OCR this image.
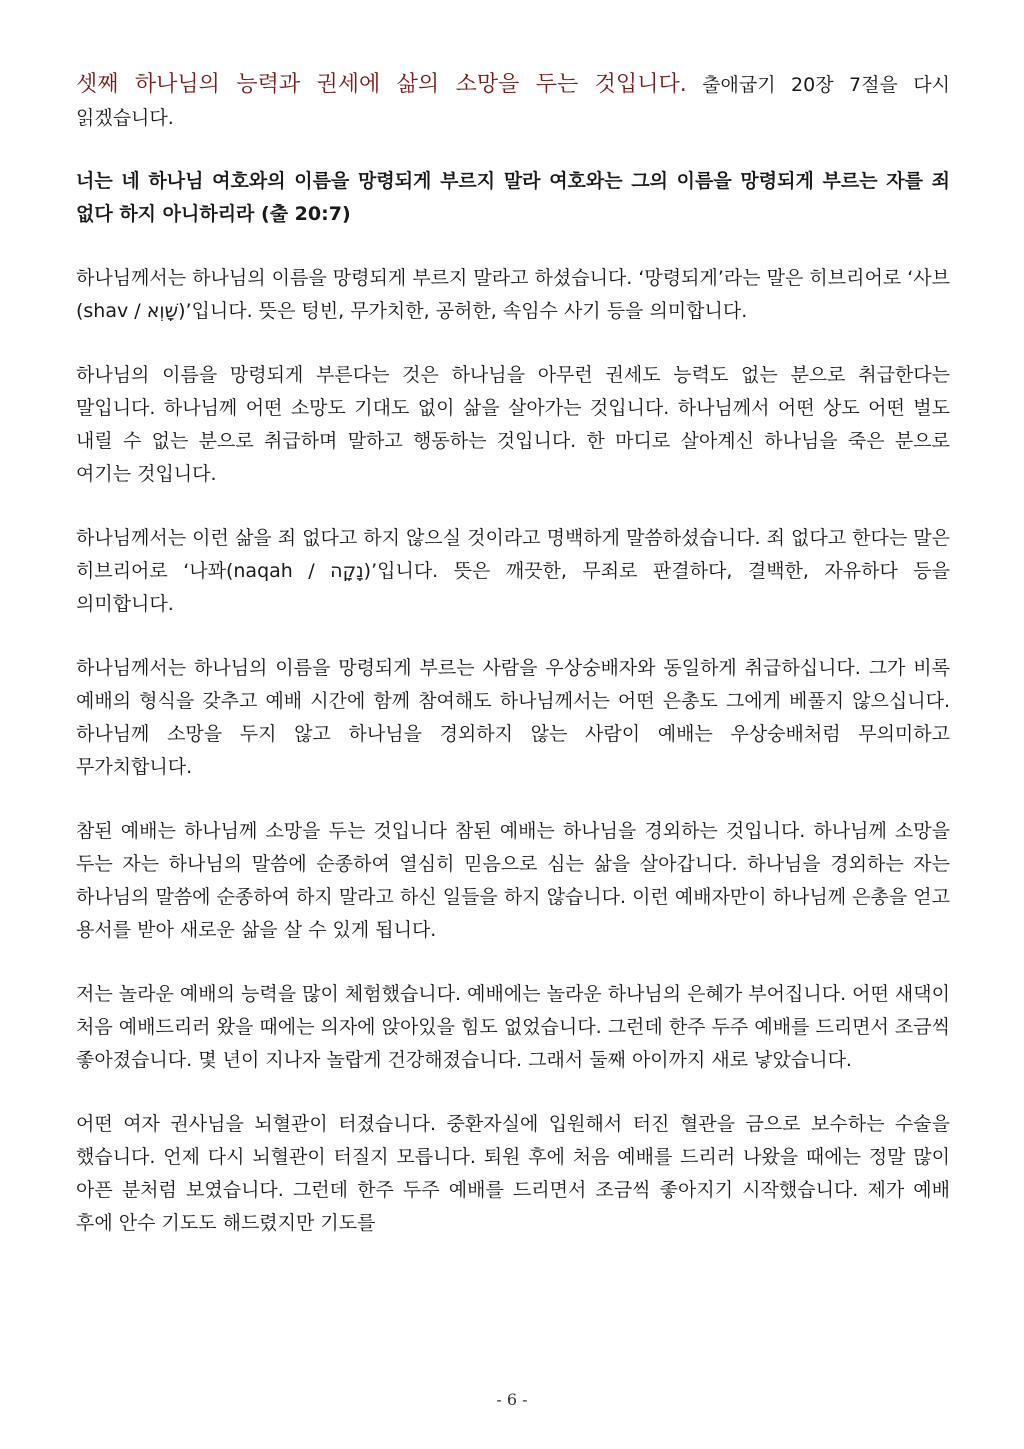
셋째 하나님의 능력과 권세에 삶의 소망을 두는 것입니다. 출애굽기 20장 7절을 다시 읽겠습니다.

너는 네 하나님 여호와의 이름을 망령되게 부르지 말라 여호와는 그의 이름을 망령되게 부르는 자를 죄 없다 하지 아니하리라 (출 20:7)

하나님께서는 하나님의 이름을 망령되게 부르지 말라고 하셨습니다. ‘망령되게’라는 말은 히브리어로 ‘사브(shav / שָׁוְא)’입니다. 뜻은 텅빈, 무가치한, 공허한, 속임수 사기 등을 의미합니다.

하나님의 이름을 망령되게 부른다는 것은 하나님을 아무런 권세도 능력도 없는 분으로 취급한다는 말입니다. 하나님께 어떤 소망도 기대도 없이 삶을 살아가는 것입니다. 하나님께서 어떤 상도 어떤 벌도 내릴 수 없는 분으로 취급하며 말하고 행동하는 것입니다. 한 마디로 살아계신 하나님을 죽은 분으로 여기는 것입니다.

하나님께서는 이런 삶을 죄 없다고 하지 않으실 것이라고 명백하게 말씀하셨습니다. 죄 없다고 한다는 말은 히브리어로 ‘나꽈(naqah / נָקָה)’입니다. 뜻은 깨끗한, 무죄로 판결하다, 결백한, 자유하다 등을 의미합니다.

하나님께서는 하나님의 이름을 망령되게 부르는 사람을 우상숭배자와 동일하게 취급하십니다. 그가 비록 예배의 형식을 갖추고 예배 시간에 함께 참여해도 하나님께서는 어떤 은총도 그에게 베풀지 않으십니다. 하나님께 소망을 두지 않고 하나님을 경외하지 않는 사람이 예배는 우상숭배처럼 무의미하고 무가치합니다.

참된 예배는 하나님께 소망을 두는 것입니다 참된 예배는 하나님을 경외하는 것입니다. 하나님께 소망을 두는 자는 하나님의 말씀에 순종하여 열심히 믿음으로 심는 삶을 살아갑니다. 하나님을 경외하는 자는 하나님의 말씀에 순종하여 하지 말라고 하신 일들을 하지 않습니다. 이런 예배자만이 하나님께 은총을 얻고 용서를 받아 새로운 삶을 살 수 있게 됩니다.

저는 놀라운 예배의 능력을 많이 체험했습니다. 예배에는 놀라운 하나님의 은혜가 부어집니다. 어떤 새댁이 처음 예배드리러 왔을 때에는 의자에 앉아있을 힘도 없었습니다. 그런데 한주 두주 예배를 드리면서 조금씩 좋아졌습니다. 몇 년이 지나자 놀랍게 건강해졌습니다. 그래서 둘째 아이까지 새로 낳았습니다.

어떤 여자 권사님을 뇌혈관이 터졌습니다. 중환자실에 입원해서 터진 혈관을 금으로 보수하는 수술을 했습니다. 언제 다시 뇌혈관이 터질지 모릅니다. 퇴원 후에 처음 예배를 드리러 나왔을 때에는 정말 많이 아픈 분처럼 보였습니다. 그런데 한주 두주 예배를 드리면서 조금씩 좋아지기 시작했습니다. 제가 예배 후에 안수 기도도 해드렸지만 기도를

- 6 -
